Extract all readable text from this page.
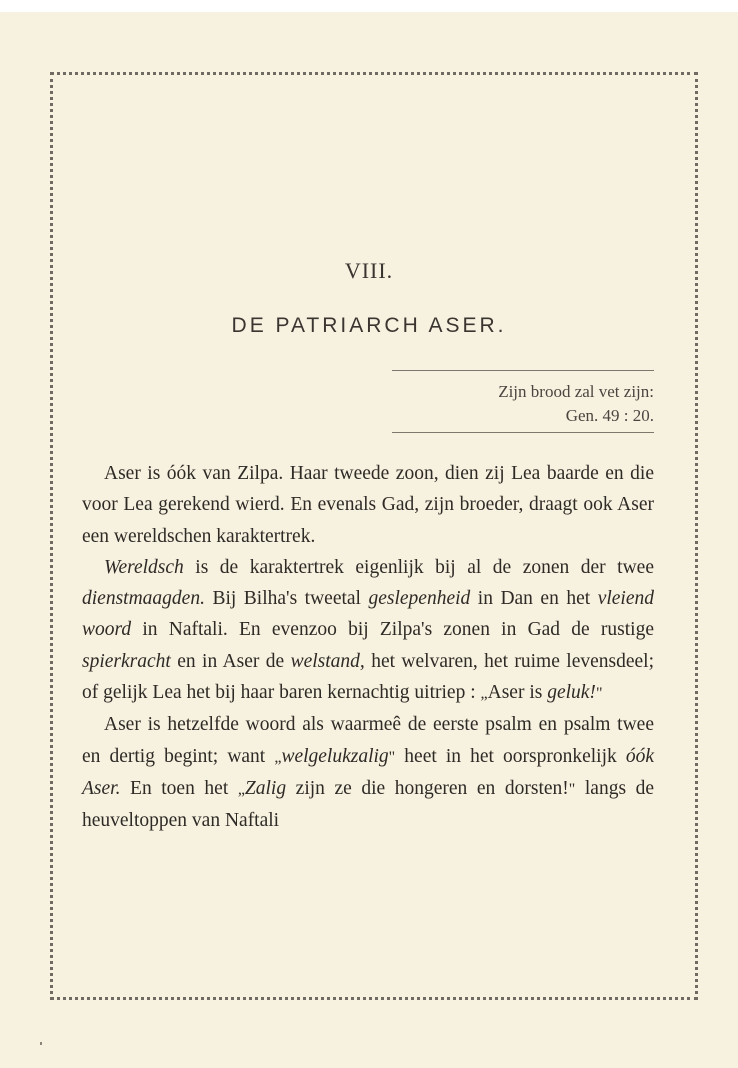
VIII.
DE PATRIARCH ASER.
Zijn brood zal vet zijn:
Gen. 49 : 20.

Aser is óók van Zilpa. Haar tweede zoon, dien zij Lea baarde en die voor Lea gerekend wierd. En evenals Gad, zijn broeder, draagt ook Aser een wereldschen karaktertrek.

Wereldsch is de karaktertrek eigenlijk bij al de zonen der twee dienstmaagden. Bij Bilha's tweetal geslepenheid in Dan en het vleiend woord in Naftali. En evenzoo bij Zilpa's zonen in Gad de rustige spierkracht en in Aser de welstand, het welvaren, het ruime levensdeel; of gelijk Lea het bij haar baren kernachtig uitriep : „Aser is geluk!"

Aser is hetzelfde woord als waarmeê de eerste psalm en psalm twee en dertig begint; want „welgelukzalig" heet in het oorspronkelijk óók Aser. En toen het „Zalig zijn ze die hongeren en dorsten!" langs de heuveltoppen van Naftali
